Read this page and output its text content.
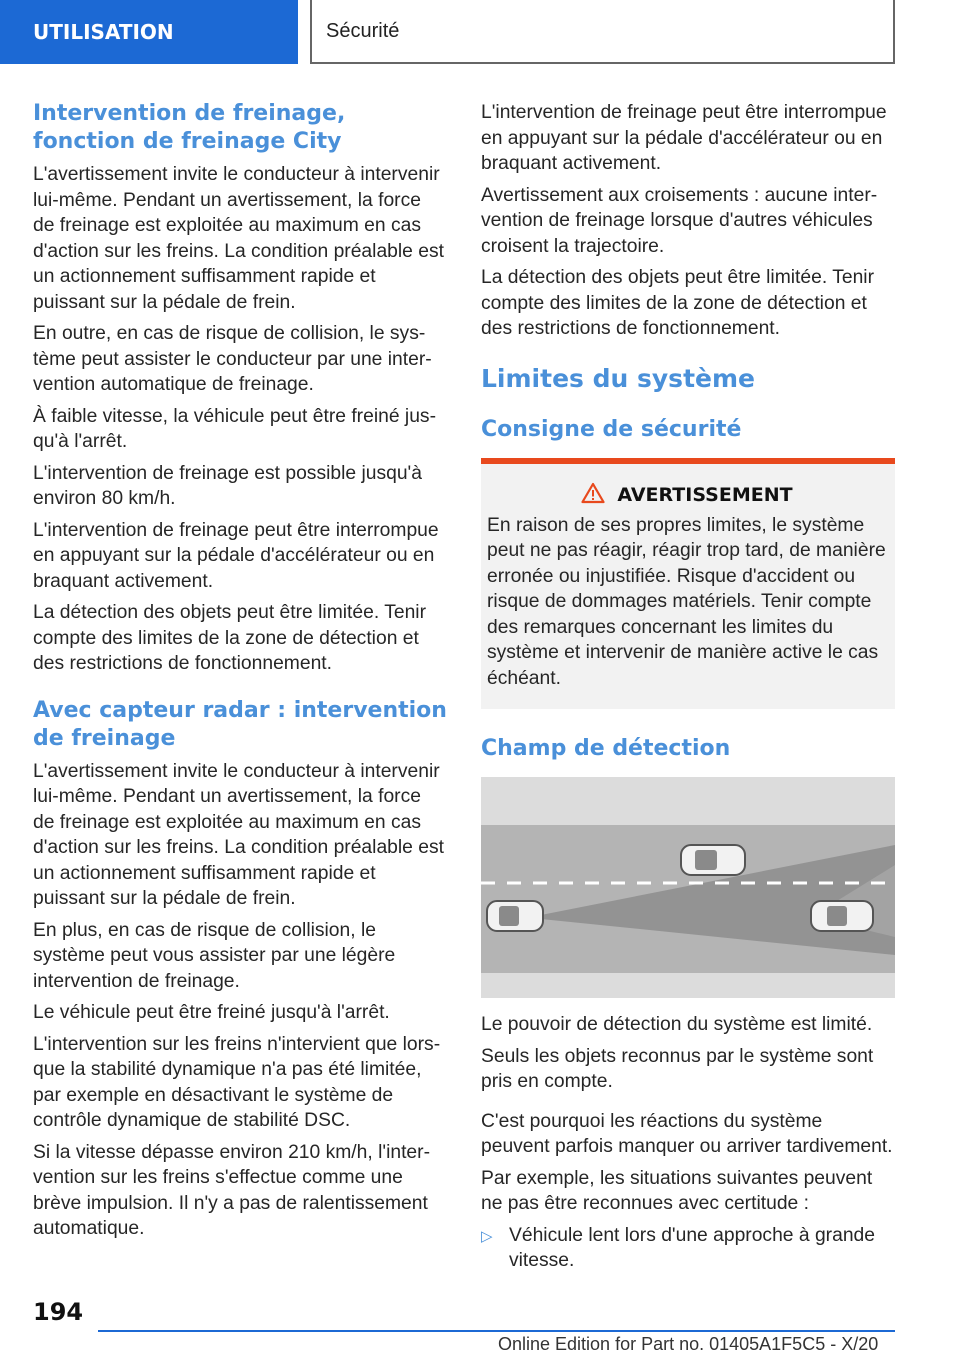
UTILISATION	Sécurité
Intervention de freinage, fonction de freinage City

L'avertissement invite le conducteur à intervenir lui-même. Pendant un avertissement, la force de freinage est exploitée au maximum en cas d'action sur les freins. La condition préalable est un actionnement suffisamment rapide et puissant sur la pédale de frein.

En outre, en cas de risque de collision, le système peut assister le conducteur par une intervention automatique de freinage.

À faible vitesse, la véhicule peut être freiné jusqu'à l'arrêt.

L'intervention de freinage est possible jusqu'à environ 80 km/h.

L'intervention de freinage peut être interrompue en appuyant sur la pédale d'accélérateur ou en braquant activement.

La détection des objets peut être limitée. Tenir compte des limites de la zone de détection et des restrictions de fonctionnement.

Avec capteur radar : intervention de freinage

L'avertissement invite le conducteur à intervenir lui-même. Pendant un avertissement, la force de freinage est exploitée au maximum en cas d'action sur les freins. La condition préalable est un actionnement suffisamment rapide et puissant sur la pédale de frein.

En plus, en cas de risque de collision, le système peut vous assister par une légère intervention de freinage.

Le véhicule peut être freiné jusqu'à l'arrêt.

L'intervention sur les freins n'intervient que lorsque la stabilité dynamique n'a pas été limitée, par exemple en désactivant le système de contrôle dynamique de stabilité DSC.

Si la vitesse dépasse environ 210 km/h, l'intervention sur les freins s'effectue comme une brève impulsion. Il n'y a pas de ralentissement automatique.

L'intervention de freinage peut être interrompue en appuyant sur la pédale d'accélérateur ou en braquant activement.

Avertissement aux croisements : aucune intervention de freinage lorsque d'autres véhicules croisent la trajectoire.

La détection des objets peut être limitée. Tenir compte des limites de la zone de détection et des restrictions de fonctionnement.

Limites du système
Consigne de sécurité
AVERTISSEMENT

En raison de ses propres limites, le système peut ne pas réagir, réagir trop tard, de manière erronée ou injustifiée. Risque d'accident ou risque de dommages matériels. Tenir compte des remarques concernant les limites du système et intervenir de manière active le cas échéant.

Champ de détection

Le pouvoir de détection du système est limité.

Seuls les objets reconnus par le système sont pris en compte.

C'est pourquoi les réactions du système peuvent parfois manquer ou arriver tardivement.

Par exemple, les situations suivantes peuvent ne pas être reconnues avec certitude :

▷ Véhicule lent lors d'une approche à grande vitesse.

194
Online Edition for Part no. 01405A1F5C5 - X/20
